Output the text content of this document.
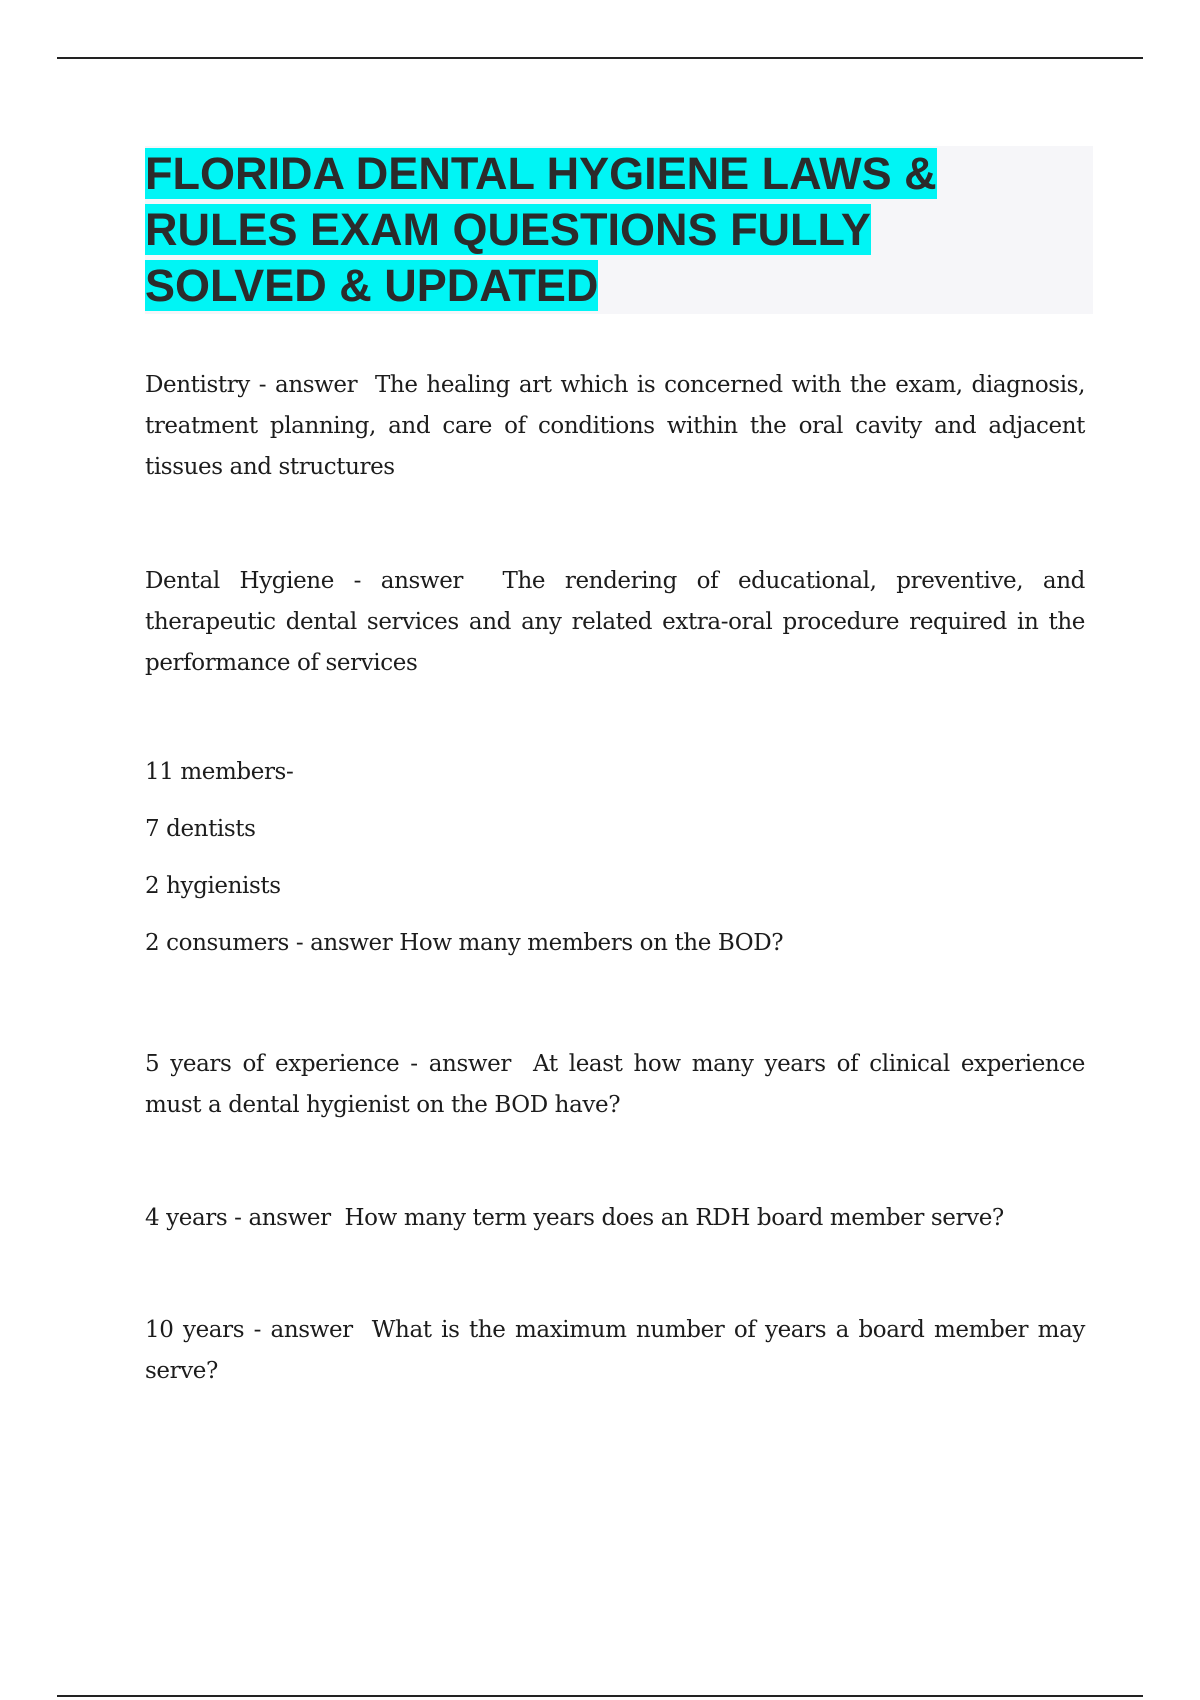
FLORIDA DENTAL HYGIENE LAWS & RULES EXAM QUESTIONS FULLY SOLVED & UPDATED

Dentistry - answer  The healing art which is concerned with the exam, diagnosis, treatment planning, and care of conditions within the oral cavity and adjacent tissues and structures

Dental Hygiene - answer  The rendering of educational, preventive, and therapeutic dental services and any related extra-oral procedure required in the performance of services

11 members-

7 dentists

2 hygienists

2 consumers - answer How many members on the BOD?

5 years of experience - answer  At least how many years of clinical experience must a dental hygienist on the BOD have?

4 years - answer  How many term years does an RDH board member serve?

10 years - answer  What is the maximum number of years a board member may serve?
